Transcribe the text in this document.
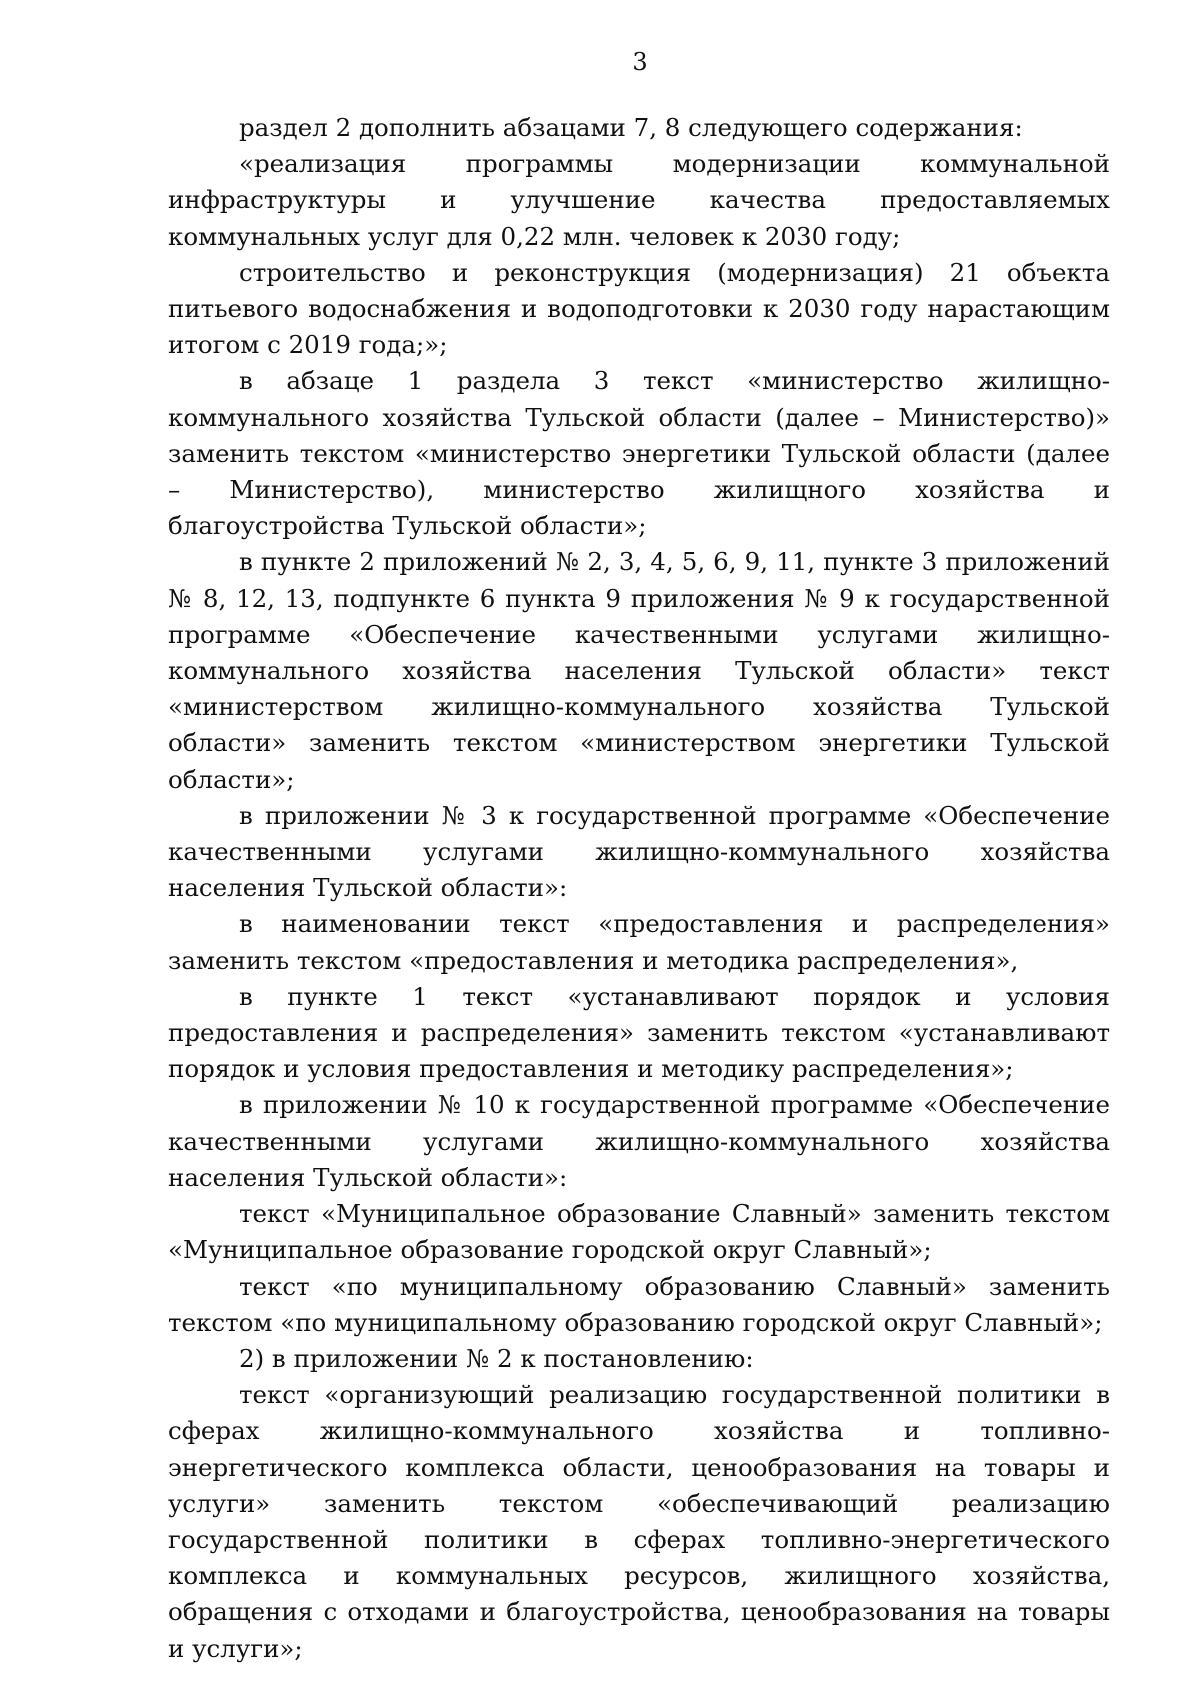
3

раздел 2 дополнить абзацами 7, 8 следующего содержания:

«реализация программы модернизации коммунальной инфраструктуры и улучшение качества предоставляемых коммунальных услуг для 0,22 млн. человек к 2030 году;

строительство и реконструкция (модернизация) 21 объекта питьевого водоснабжения и водоподготовки к 2030 году нарастающим итогом с 2019 года;»;

в абзаце 1 раздела 3 текст «министерство жилищно-коммунального хозяйства Тульской области (далее – Министерство)» заменить текстом «министерство энергетики Тульской области (далее – Министерство), министерство жилищного хозяйства и благоустройства Тульской области»;

в пункте 2 приложений № 2, 3, 4, 5, 6, 9, 11, пункте 3 приложений № 8, 12, 13, подпункте 6 пункта 9 приложения № 9 к государственной программе «Обеспечение качественными услугами жилищно-коммунального хозяйства населения Тульской области» текст «министерством жилищно-коммунального хозяйства Тульской области» заменить текстом «министерством энергетики Тульской области»;

в приложении № 3 к государственной программе «Обеспечение качественными услугами жилищно-коммунального хозяйства населения Тульской области»:

в наименовании текст «предоставления и распределения» заменить текстом «предоставления и методика распределения»,

в пункте 1 текст «устанавливают порядок и условия предоставления и распределения» заменить текстом «устанавливают порядок и условия предоставления и методику распределения»;

в приложении № 10 к государственной программе «Обеспечение качественными услугами жилищно-коммунального хозяйства населения Тульской области»:

текст «Муниципальное образование Славный» заменить текстом «Муниципальное образование городской округ Славный»;

текст «по муниципальному образованию Славный» заменить текстом «по муниципальному образованию городской округ Славный»;

2) в приложении № 2 к постановлению:

текст «организующий реализацию государственной политики в сферах жилищно-коммунального хозяйства и топливно-энергетического комплекса области, ценообразования на товары и услуги» заменить текстом «обеспечивающий реализацию государственной политики в сферах топливно-энергетического комплекса и коммунальных ресурсов, жилищного хозяйства, обращения с отходами и благоустройства, ценообразования на товары и услуги»;
